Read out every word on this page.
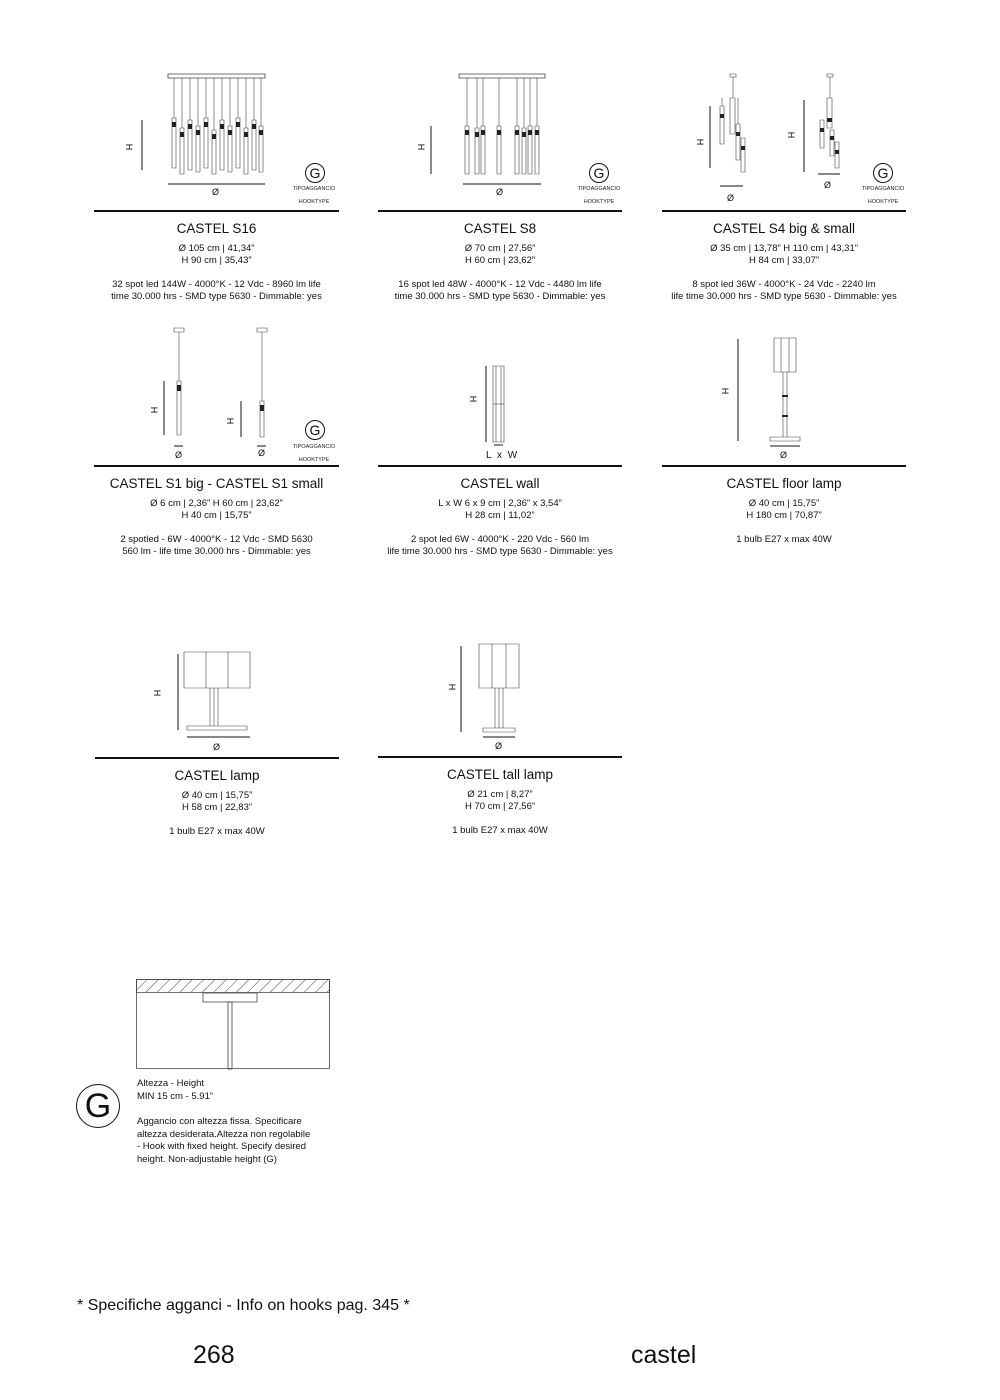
H
Ø
G
TIPOAGGANCIO
HOOKTYPE
CASTEL S16
Ø 105 cm | 41,34”
H 90 cm | 35,43”
32 spot led 144W - 4000°K - 12 Vdc - 8960 lm life
time 30.000 hrs - SMD type 5630 - Dimmable: yes
H
Ø
G
TIPOAGGANCIO
HOOKTYPE
CASTEL S8
Ø 70 cm | 27,56”
H 60 cm | 23,62”
16 spot led 48W - 4000°K - 12 Vdc - 4480 lm life
time 30.000 hrs - SMD type 5630 - Dimmable: yes
H
H
Ø
Ø
G
TIPOAGGANCIO
HOOKTYPE
CASTEL S4 big & small
Ø 35 cm | 13,78” H 110 cm | 43,31”
H 84 cm | 33,07”
8 spot led 36W - 4000°K - 24 Vdc - 2240 lm
life time 30.000 hrs - SMD type 5630 - Dimmable: yes
H
H
Ø	Ø
G
TIPOAGGANCIO
HOOKTYPE
CASTEL S1 big - CASTEL S1 small
Ø 6 cm | 2,36” H 60 cm | 23,62”
H 40 cm | 15,75”
2 spotled - 6W - 4000°K - 12 Vdc - SMD 5630
560 lm - life time 30.000 hrs - Dimmable: yes
H
L x W
CASTEL wall
L x W 6 x 9 cm | 2,36” x 3,54”
H 28 cm | 11,02”
2 spot led 6W - 4000°K - 220 Vdc - 560 lm
life time 30.000 hrs - SMD type 5630 - Dimmable: yes
H
Ø
CASTEL floor lamp
Ø 40 cm | 15,75”
H 180 cm | 70,87”
1 bulb E27 x max 40W
H
Ø
CASTEL lamp
Ø 40 cm | 15,75”
H 58 cm | 22,83”
1 bulb E27 x max 40W
H
Ø
CASTEL tall lamp
Ø 21 cm | 8,27”
H 70 cm | 27,56”
1 bulb E27 x max 40W
G
Altezza - Height
MIN 15 cm - 5.91”
Aggancio con altezza fissa. Specificare
altezza desiderata.Altezza non regolabile
- Hook with fixed height. Specify desired
height. Non-adjustable height (G)
* Specifiche agganci - Info on hooks pag. 345 *
268	castel
